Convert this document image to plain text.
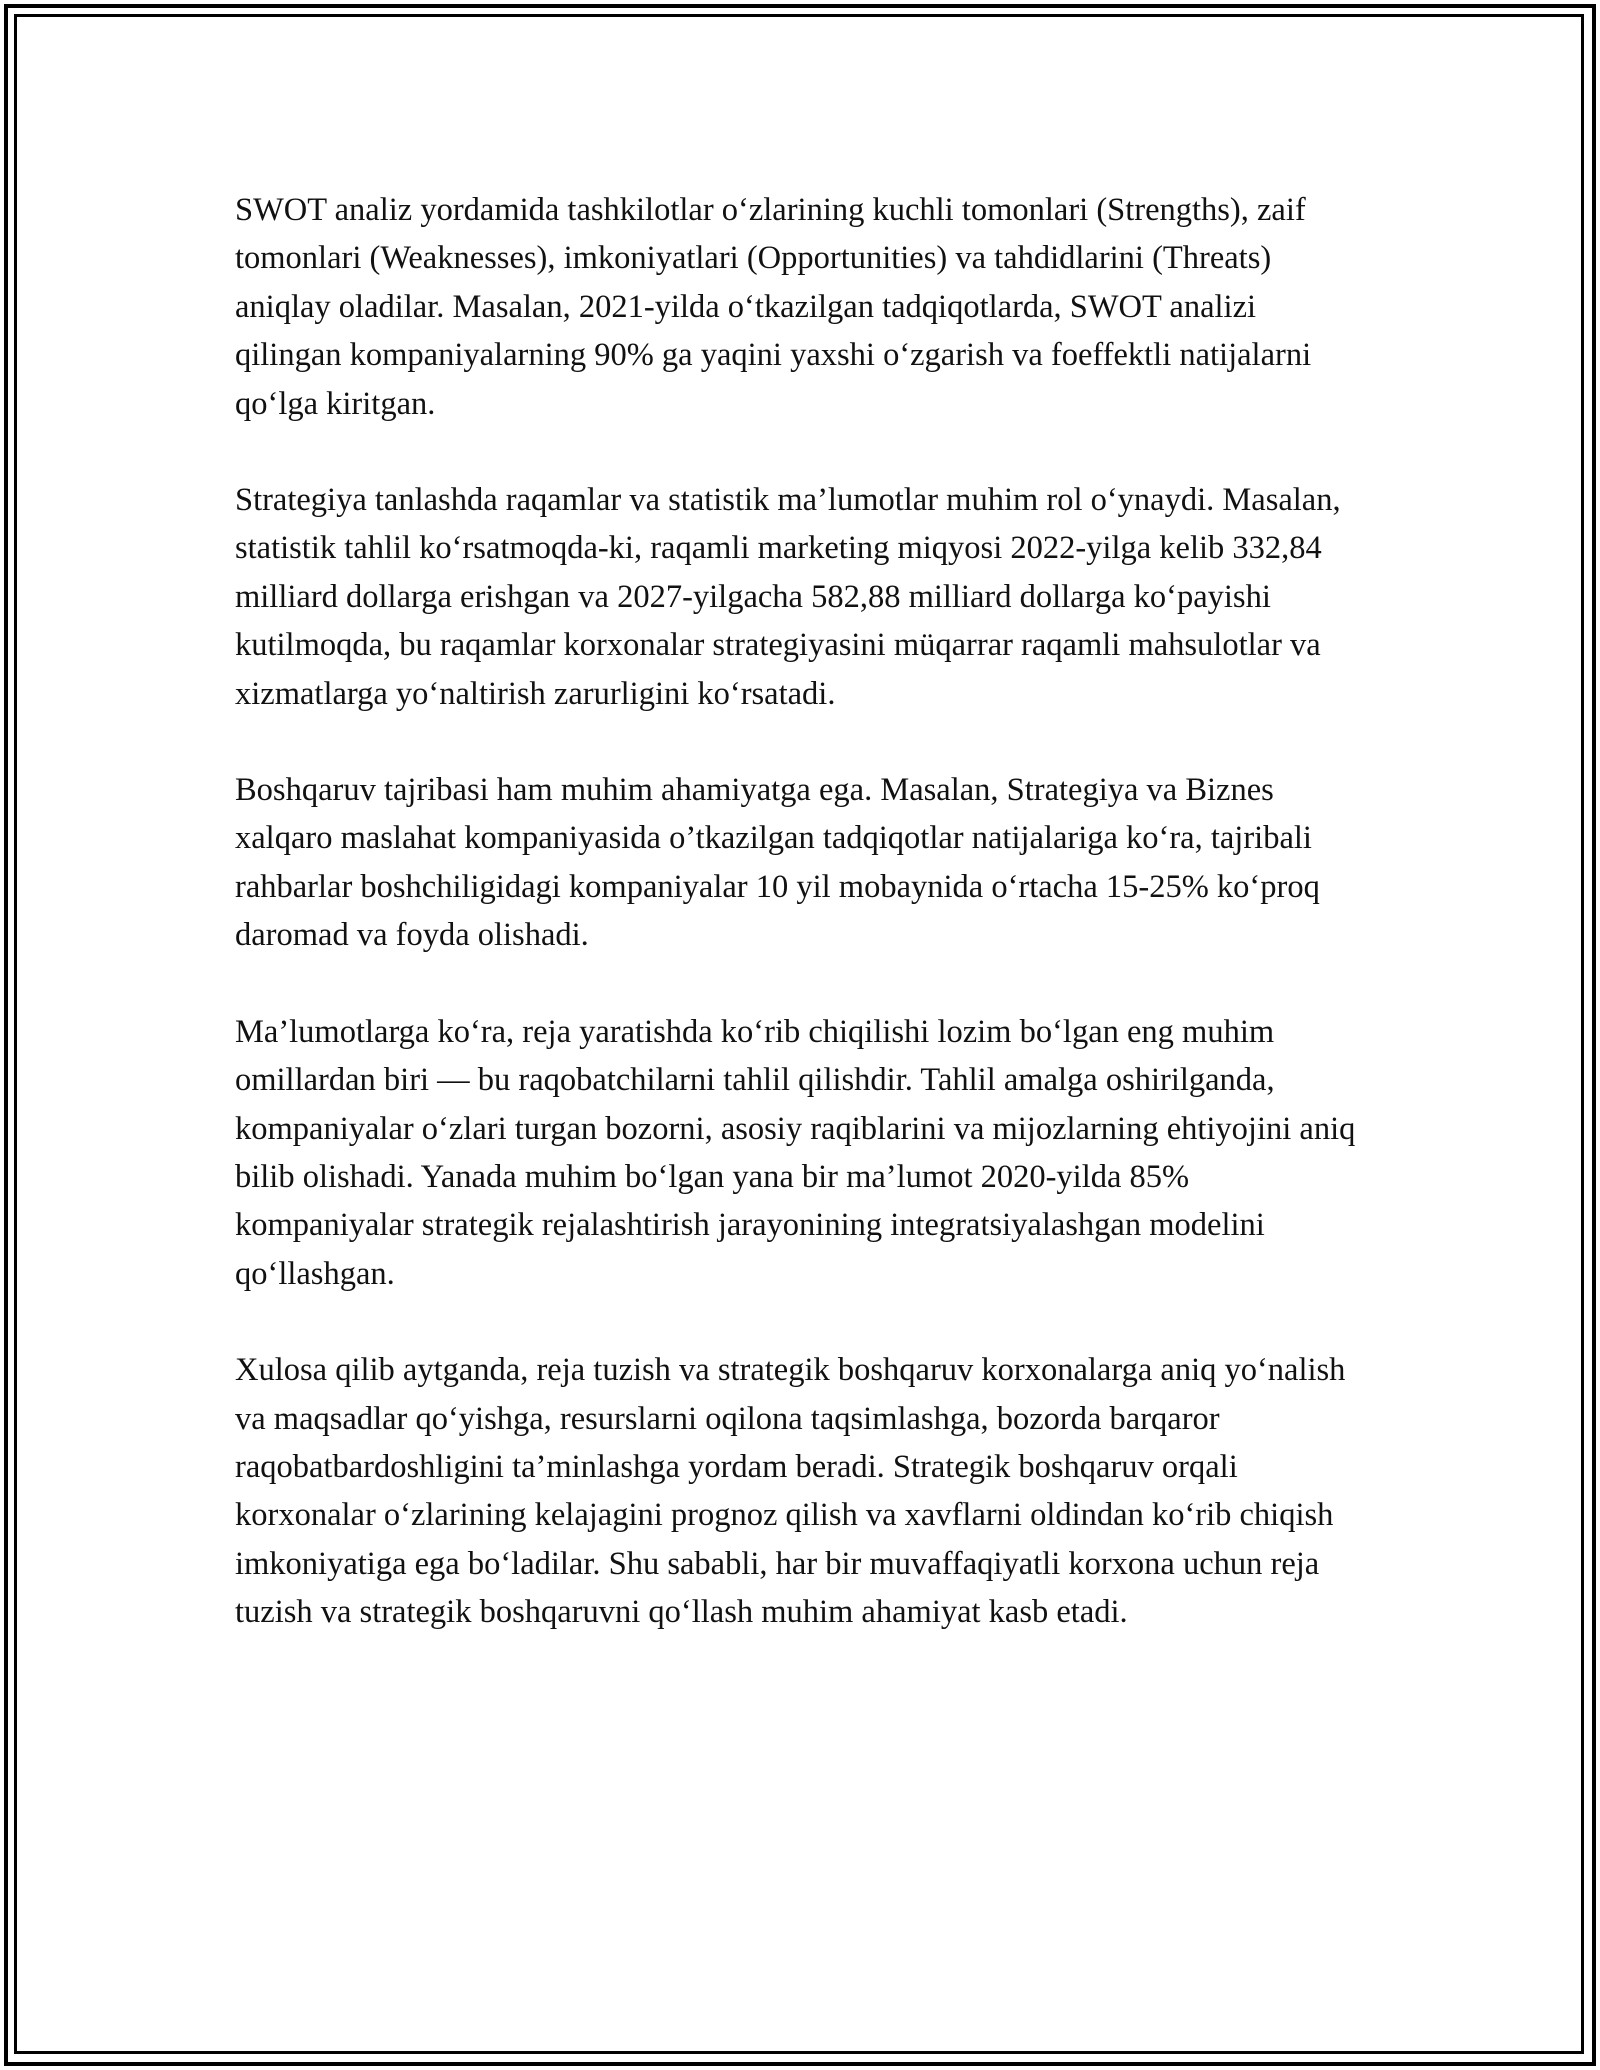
SWOT analiz yordamida tashkilotlar o‘zlarining kuchli tomonlari (Strengths), zaif tomonlari (Weaknesses), imkoniyatlari (Opportunities) va tahdidlarini (Threats) aniqlay oladilar. Masalan, 2021-yilda o‘tkazilgan tadqiqotlarda, SWOT analizi qilingan kompaniyalarning 90% ga yaqini yaxshi o‘zgarish va foeffektli natijalarni qo‘lga kiritgan.

Strategiya tanlashda raqamlar va statistik ma’lumotlar muhim rol o‘ynaydi. Masalan, statistik tahlil ko‘rsatmoqda-ki, raqamli marketing miqyosi 2022-yilga kelib 332,84 milliard dollarga erishgan va 2027-yilgacha 582,88 milliard dollarga ko‘payishi kutilmoqda, bu raqamlar korxonalar strategiyasini müqarrar raqamli mahsulotlar va xizmatlarga yo‘naltirish zarurligini ko‘rsatadi.

Boshqaruv tajribasi ham muhim ahamiyatga ega. Masalan, Strategiya va Biznes xalqaro maslahat kompaniyasida o’tkazilgan tadqiqotlar natijalariga ko‘ra, tajribali rahbarlar boshchiligidagi kompaniyalar 10 yil mobaynida o‘rtacha 15-25% ko‘proq daromad va foyda olishadi.

Ma’lumotlarga ko‘ra, reja yaratishda ko‘rib chiqilishi lozim bo‘lgan eng muhim omillardan biri — bu raqobatchilarni tahlil qilishdir. Tahlil amalga oshirilganda, kompaniyalar o‘zlari turgan bozorni, asosiy raqiblarini va mijozlarning ehtiyojini aniq bilib olishadi. Yanada muhim bo‘lgan yana bir ma’lumot 2020-yilda 85% kompaniyalar strategik rejalashtirish jarayonining integratsiyalashgan modelini qo‘llashgan.

Xulosa qilib aytganda, reja tuzish va strategik boshqaruv korxonalarga aniq yo‘nalish va maqsadlar qo‘yishga, resurslarni oqilona taqsimlashga, bozorda barqaror raqobatbardoshligini ta’minlashga yordam beradi. Strategik boshqaruv orqali korxonalar o‘zlarining kelajagini prognoz qilish va xavflarni oldindan ko‘rib chiqish imkoniyatiga ega bo‘ladilar. Shu sababli, har bir muvaffaqiyatli korxona uchun reja tuzish va strategik boshqaruvni qo‘llash muhim ahamiyat kasb etadi.
